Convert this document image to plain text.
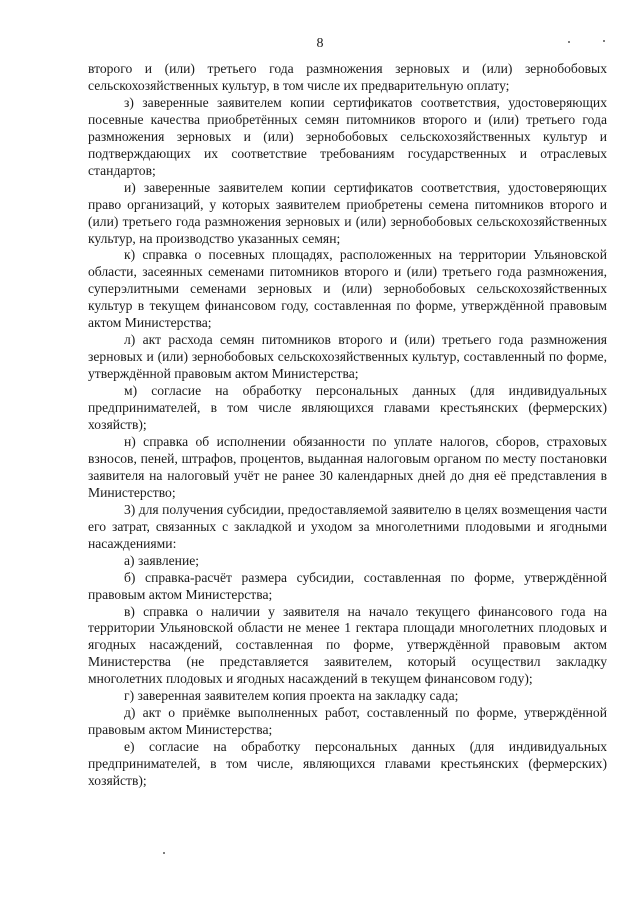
8

второго и (или) третьего года размножения зерновых и (или) зернобобовых сельскохозяйственных культур, в том числе их предварительную оплату;

з) заверенные заявителем копии сертификатов соответствия, удостоверяющих посевные качества приобретённых семян питомников второго и (или) третьего года размножения зерновых и (или) зернобобовых сельскохозяйственных культур и подтверждающих их соответствие требованиям государственных и отраслевых стандартов;

и) заверенные заявителем копии сертификатов соответствия, удостоверяющих право организаций, у которых заявителем приобретены семена питомников второго и (или) третьего года размножения зерновых и (или) зернобобовых сельскохозяйственных культур, на производство указанных семян;

к) справка о посевных площадях, расположенных на территории Ульяновской области, засеянных семенами питомников второго и (или) третьего года размножения, суперэлитными семенами зерновых и (или) зернобобовых сельскохозяйственных культур в текущем финансовом году, составленная по форме, утверждённой правовым актом Министерства;

л) акт расхода семян питомников второго и (или) третьего года размножения зерновых и (или) зернобобовых сельскохозяйственных культур, составленный по форме, утверждённой правовым актом Министерства;

м) согласие на обработку персональных данных (для индивидуальных предпринимателей, в том числе являющихся главами крестьянских (фермерских) хозяйств);

н) справка об исполнении обязанности по уплате налогов, сборов, страховых взносов, пеней, штрафов, процентов, выданная налоговым органом по месту постановки заявителя на налоговый учёт не ранее 30 календарных дней до дня её представления в Министерство;

3) для получения субсидии, предоставляемой заявителю в целях возмещения части его затрат, связанных с закладкой и уходом за многолетними плодовыми и ягодными насаждениями:

а) заявление;

б) справка-расчёт размера субсидии, составленная по форме, утверждённой правовым актом Министерства;

в) справка о наличии у заявителя на начало текущего финансового года на территории Ульяновской области не менее 1 гектара площади многолетних плодовых и ягодных насаждений, составленная по форме, утверждённой правовым актом Министерства (не представляется заявителем, который осуществил закладку многолетних плодовых и ягодных насаждений в текущем финансовом году);

г) заверенная заявителем копия проекта на закладку сада;

д) акт о приёмке выполненных работ, составленный по форме, утверждённой правовым актом Министерства;

е) согласие на обработку персональных данных (для индивидуальных предпринимателей, в том числе, являющихся главами крестьянских (фермерских) хозяйств);
